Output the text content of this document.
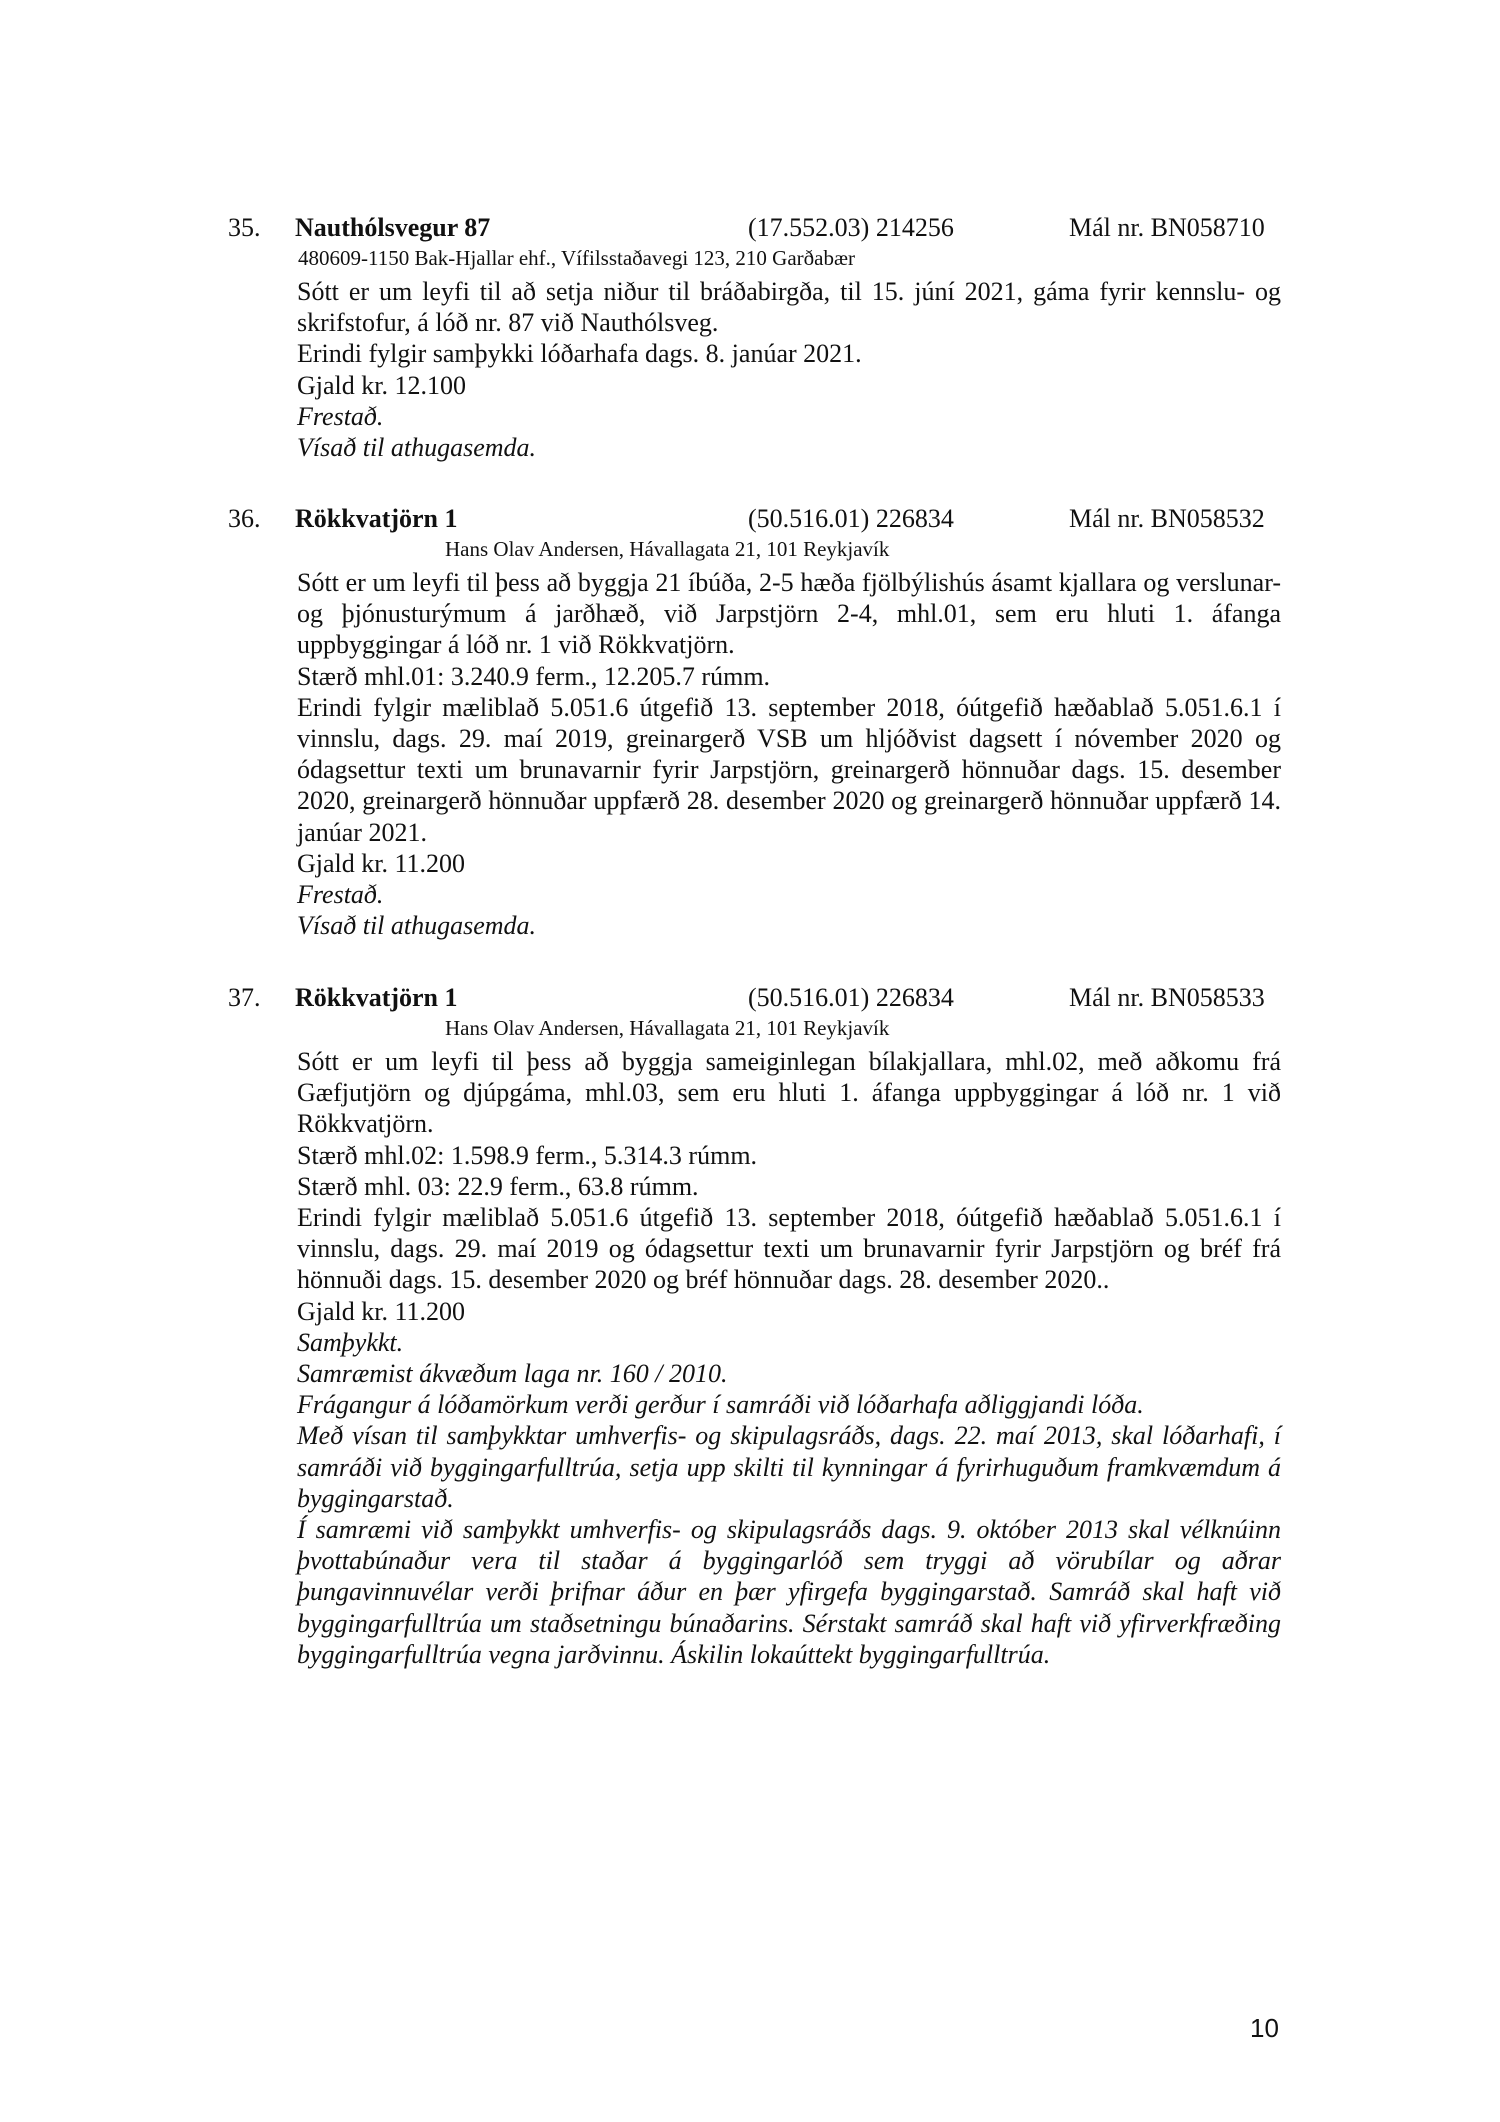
35. Nauthólsvegur 87	(17.552.03) 214256	Mál nr. BN058710
480609-1150 Bak-Hjallar ehf., Vífilsstaðavegi 123, 210 Garðabær

Sótt er um leyfi til að setja niður til bráðabirgða, til 15. júní 2021, gáma fyrir kennslu- og skrifstofur, á lóð nr. 87 við Nauthólsveg.

Erindi fylgir samþykki lóðarhafa dags. 8. janúar 2021.

Gjald kr. 12.100

Frestað.

Vísað til athugasemda.

36. Rökkvatjörn 1	(50.516.01) 226834	Mál nr. BN058532
Hans Olav Andersen, Hávallagata 21, 101 Reykjavík

Sótt er um leyfi til þess að byggja 21 íbúða, 2-5 hæða fjölbýlishús ásamt kjallara og verslunar- og þjónusturýmum á jarðhæð, við Jarpstjörn 2-4, mhl.01, sem eru hluti 1. áfanga uppbyggingar á lóð nr. 1 við Rökkvatjörn.

Stærð mhl.01: 3.240.9 ferm., 12.205.7 rúmm.

Erindi fylgir mæliblað 5.051.6 útgefið 13. september 2018, óútgefið hæðablað 5.051.6.1 í vinnslu, dags. 29. maí 2019, greinargerð VSB um hljóðvist dagsett í nóvember 2020 og ódagsettur texti um brunavarnir fyrir Jarpstjörn, greinargerð hönnuðar dags. 15. desember 2020, greinargerð hönnuðar uppfærð 28. desember 2020 og greinargerð hönnuðar uppfærð 14. janúar 2021.

Gjald kr. 11.200

Frestað.

Vísað til athugasemda.

37. Rökkvatjörn 1	(50.516.01) 226834	Mál nr. BN058533
Hans Olav Andersen, Hávallagata 21, 101 Reykjavík

Sótt er um leyfi til þess að byggja sameiginlegan bílakjallara, mhl.02, með aðkomu frá Gæfjutjörn og djúpgáma, mhl.03, sem eru hluti 1. áfanga uppbyggingar á lóð nr. 1 við Rökkvatjörn.

Stærð mhl.02: 1.598.9 ferm., 5.314.3 rúmm.

Stærð mhl. 03: 22.9 ferm., 63.8 rúmm.

Erindi fylgir mæliblað 5.051.6 útgefið 13. september 2018, óútgefið hæðablað 5.051.6.1 í vinnslu, dags. 29. maí 2019 og ódagsettur texti um brunavarnir fyrir Jarpstjörn og bréf frá hönnuði dags. 15. desember 2020 og bréf hönnuðar dags. 28. desember 2020..

Gjald kr. 11.200

Samþykkt.

Samræmist ákvæðum laga nr. 160 / 2010.

Frágangur á lóðamörkum verði gerður í samráði við lóðarhafa aðliggjandi lóða.

Með vísan til samþykktar umhverfis- og skipulagsráðs, dags. 22. maí 2013, skal lóðarhafi, í samráði við byggingarfulltrúa, setja upp skilti til kynningar á fyrirhuguðum framkvæmdum á byggingarstað.

Í samræmi við samþykkt umhverfis- og skipulagsráðs dags. 9. október 2013 skal vélknúinn þvottabúnaður vera til staðar á byggingarlóð sem tryggi að vörubílar og aðrar þungavinnuvélar verði þrifnar áður en þær yfirgefa byggingarstað. Samráð skal haft við byggingarfulltrúa um staðsetningu búnaðarins. Sérstakt samráð skal haft við yfirverkfræðing byggingarfulltrúa vegna jarðvinnu. Áskilin lokaúttekt byggingarfulltrúa.

10
